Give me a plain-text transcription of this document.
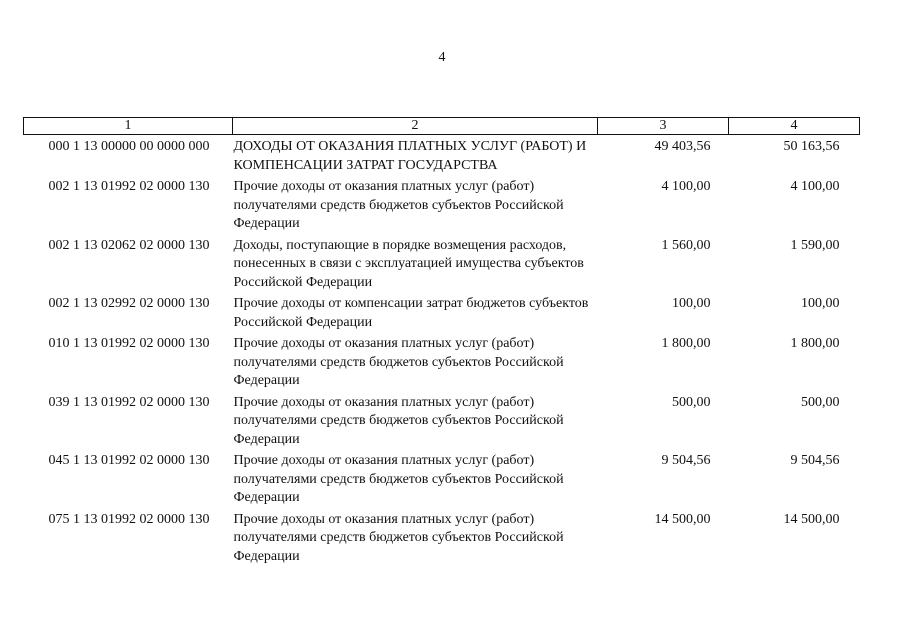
4
1	2	3	4
000 1 13 00000 00 0000 000	ДОХОДЫ ОТ ОКАЗАНИЯ ПЛАТНЫХ УСЛУГ (РАБОТ) И КОМПЕНСАЦИИ ЗАТРАТ ГОСУДАРСТВА	49 403,56	50 163,56
002 1 13 01992 02 0000 130	Прочие доходы от оказания платных услуг (работ) получателями средств бюджетов субъектов Российской Федерации	4 100,00	4 100,00
002 1 13 02062 02 0000 130	Доходы, поступающие в порядке возмещения расходов, понесенных в связи с эксплуатацией имущества субъектов Российской Федерации	1 560,00	1 590,00
002 1 13 02992 02 0000 130	Прочие доходы от компенсации затрат бюджетов субъектов Российской Федерации	100,00	100,00
010 1 13 01992 02 0000 130	Прочие доходы от оказания платных услуг (работ) получателями средств бюджетов субъектов Российской Федерации	1 800,00	1 800,00
039 1 13 01992 02 0000 130	Прочие доходы от оказания платных услуг (работ) получателями средств бюджетов субъектов Российской Федерации	500,00	500,00
045 1 13 01992 02 0000 130	Прочие доходы от оказания платных услуг (работ) получателями средств бюджетов субъектов Российской Федерации	9 504,56	9 504,56
075 1 13 01992 02 0000 130	Прочие доходы от оказания платных услуг (работ) получателями средств бюджетов субъектов Российской Федерации	14 500,00	14 500,00
